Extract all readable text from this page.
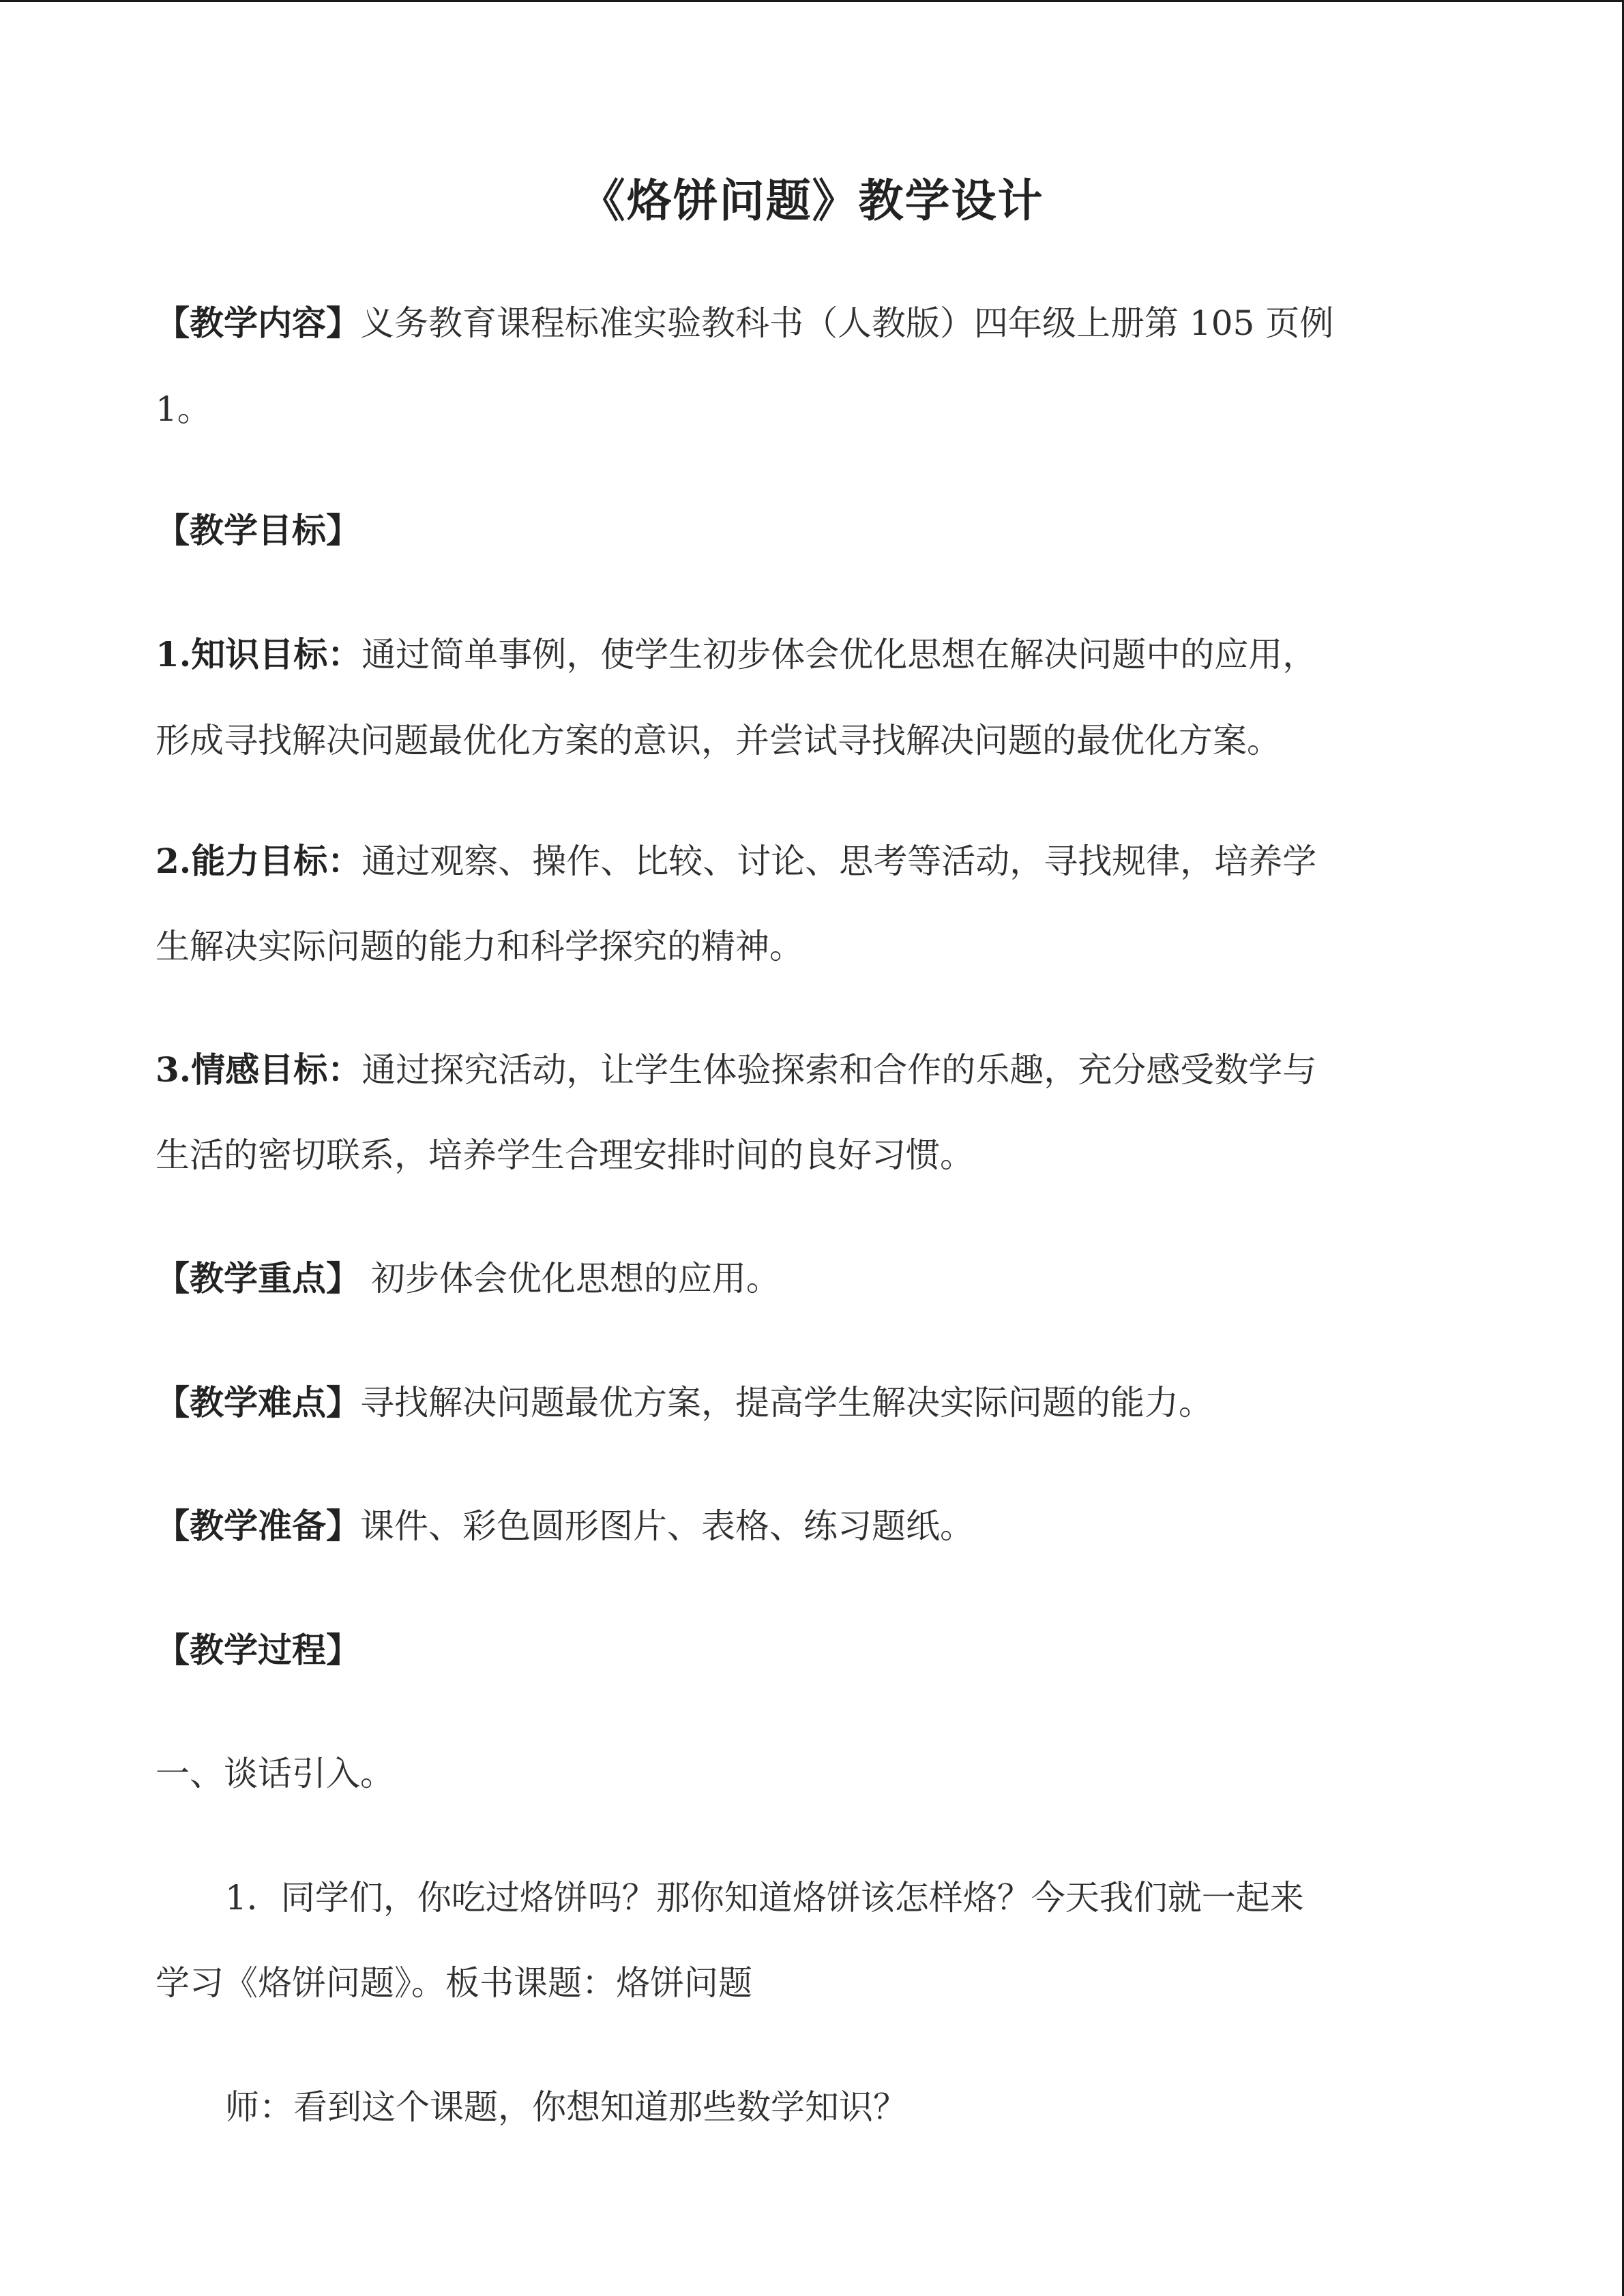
《烙饼问题》教学设计
【教学内容】义务教育课程标准实验教科书（人教版）四年级上册第 105 页例
1。
【教学目标】
1.知识目标：通过简单事例，使学生初步体会优化思想在解决问题中的应用，
形成寻找解决问题最优化方案的意识，并尝试寻找解决问题的最优化方案。
2.能力目标：通过观察、操作、比较、讨论、思考等活动，寻找规律，培养学
生解决实际问题的能力和科学探究的精神。
3.情感目标：通过探究活动，让学生体验探索和合作的乐趣，充分感受数学与
生活的密切联系，培养学生合理安排时间的良好习惯。
【教学重点】 初步体会优化思想的应用。
【教学难点】寻找解决问题最优方案，提高学生解决实际问题的能力。
【教学准备】课件、彩色圆形图片、表格、练习题纸。
【教学过程】
一、谈话引入。
1．同学们，你吃过烙饼吗？那你知道烙饼该怎样烙？今天我们就一起来
学习《烙饼问题》。板书课题：烙饼问题
师：看到这个课题，你想知道那些数学知识？
